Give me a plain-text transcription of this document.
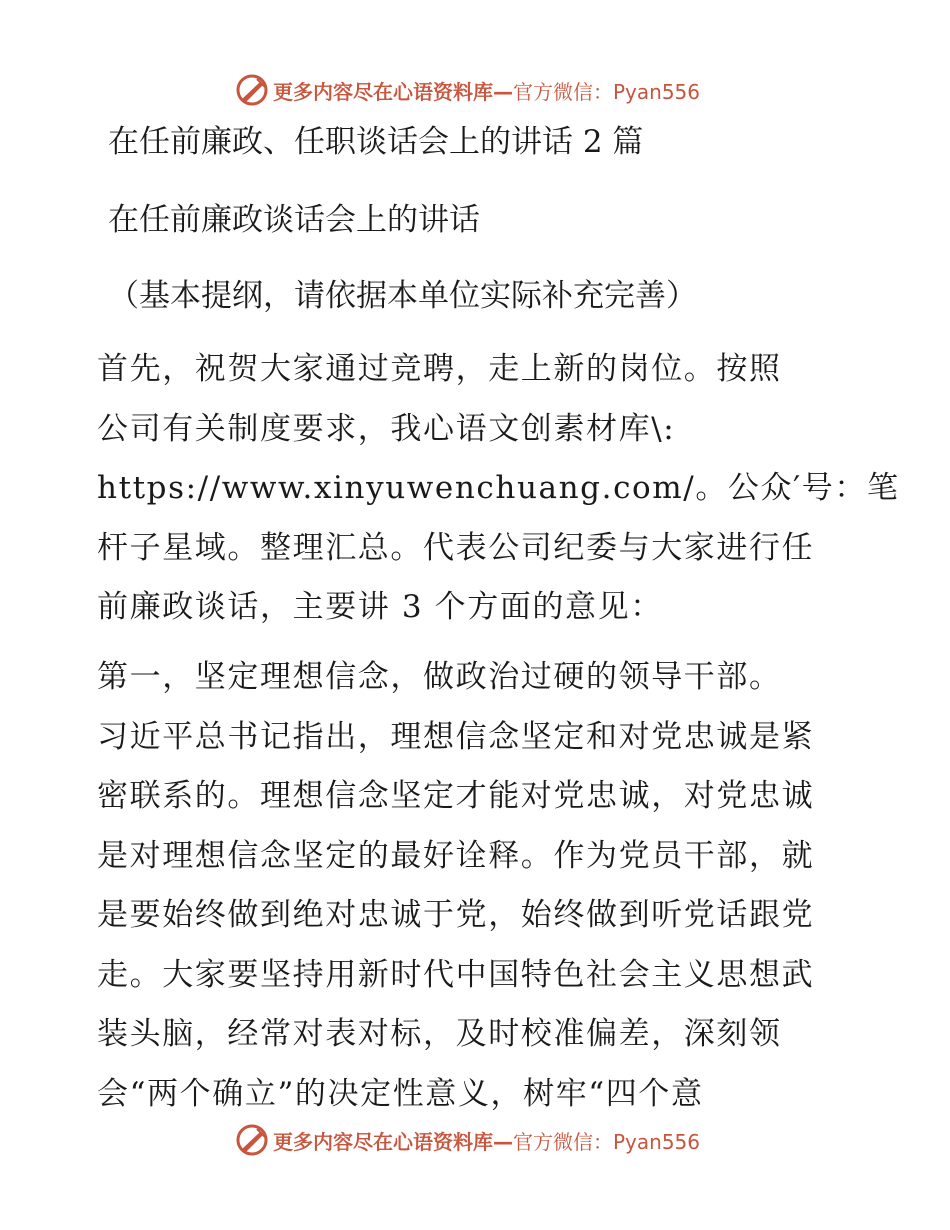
更多内容尽在心语资料库— 官方微信：Pyan556
在任前廉政、任职谈话会上的讲话 2 篇
在任前廉政谈话会上的讲话
（基本提纲，请依据本单位实际补充完善）
首先，祝贺大家通过竞聘，走上新的岗位。按照
公司有关制度要求，我心语文创素材库\:
https://www.xinyuwenchuang.com/。公众′号：笔
杆子星域。整理汇总。代表公司纪委与大家进行任
前廉政谈话，主要讲 3 个方面的意见：
第一，坚定理想信念，做政治过硬的领导干部。
习近平总书记指出，理想信念坚定和对党忠诚是紧
密联系的。理想信念坚定才能对党忠诚，对党忠诚
是对理想信念坚定的最好诠释。作为党员干部，就
是要始终做到绝对忠诚于党，始终做到听党话跟党
走。大家要坚持用新时代中国特色社会主义思想武
装头脑，经常对表对标，及时校准偏差，深刻领
会“两个确立”的决定性意义，树牢“四个意
更多内容尽在心语资料库— 官方微信：Pyan556
